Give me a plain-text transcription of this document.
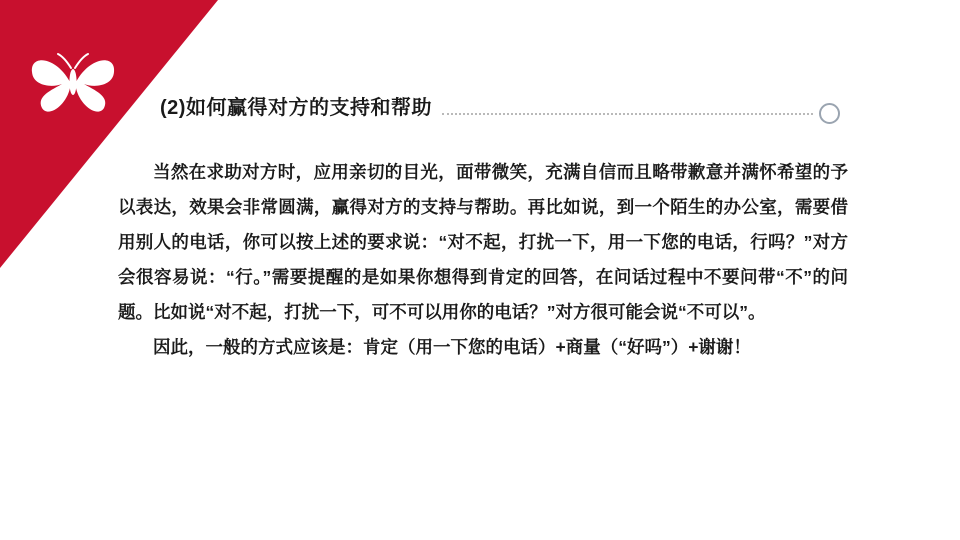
(2)如何赢得对方的支持和帮助

当然在求助对方时，应用亲切的目光，面带微笑，充满自信而且略带歉意并满怀希望的予以表达，效果会非常圆满，赢得对方的支持与帮助。再比如说，到一个陌生的办公室，需要借用别人的电话，你可以按上述的要求说：“对不起，打扰一下，用一下您的电话，行吗？”对方会很容易说：“行。”需要提醒的是如果你想得到肯定的回答，在问话过程中不要问带“不”的问题。比如说“对不起，打扰一下，可不可以用你的电话？”对方很可能会说“不可以”。

因此，一般的方式应该是：肯定（用一下您的电话）+商量（“好吗”）+谢谢！
